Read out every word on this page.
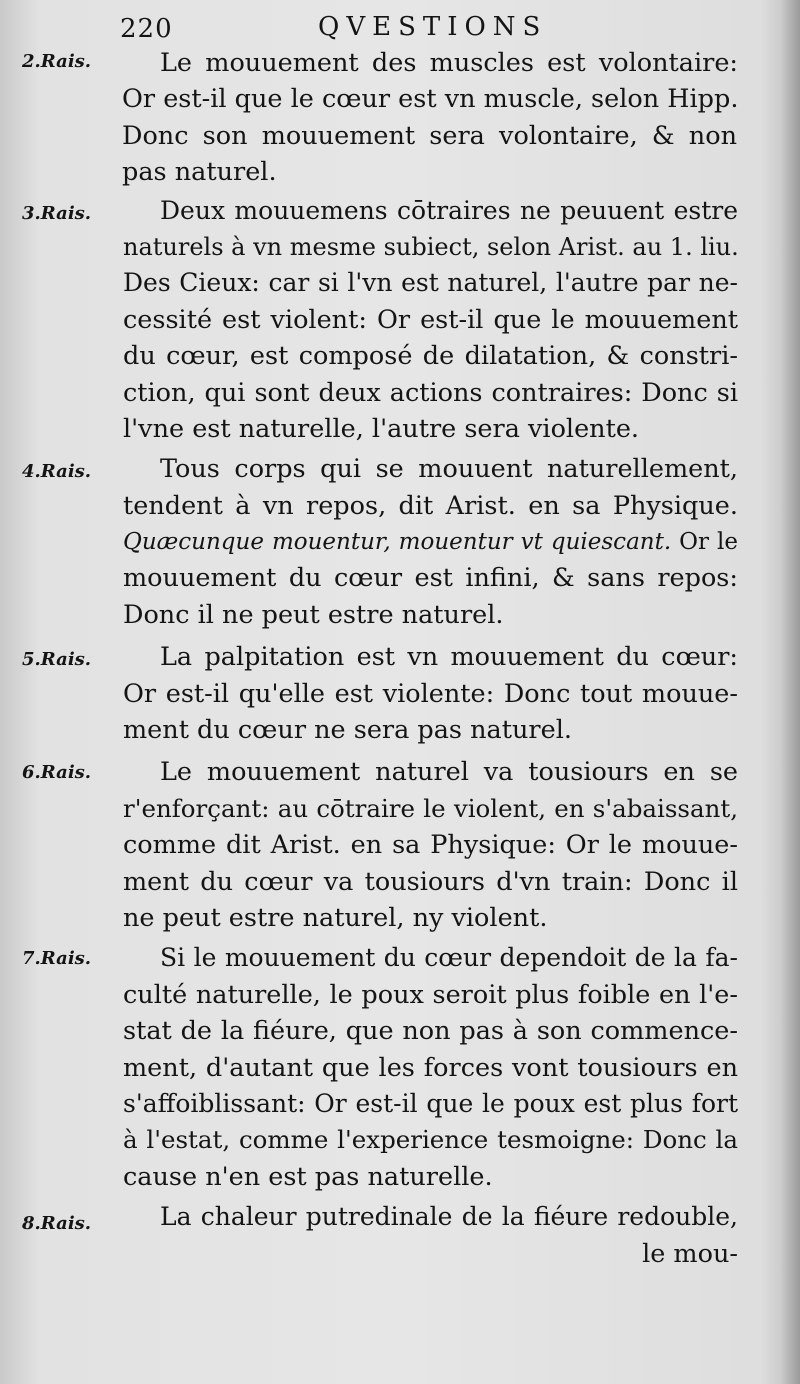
220	QVESTIONS
2.Rais.	Le mouuement des muscles est volontaire:

Or est-il que le cœur est vn muscle, selon Hipp.

Donc son mouuement sera volontaire, & non

pas naturel.

3.Rais.	Deux mouuemens cōtraires ne peuuent estre

naturels à vn mesme subiect, selon Arist. au 1. liu.

Des Cieux: car si l'vn est naturel, l'autre par ne-

cessité est violent: Or est-il que le mouuement

du cœur, est composé de dilatation, & constri-

ction, qui sont deux actions contraires: Donc si

l'vne est naturelle, l'autre sera violente.

4.Rais.	Tous corps qui se mouuent naturellement,

tendent à vn repos, dit Arist. en sa Physique.

Quæcunque mouentur, mouentur vt quiescant. Or le

mouuement du cœur est infini, & sans repos:

Donc il ne peut estre naturel.

5.Rais.	La palpitation est vn mouuement du cœur:

Or est-il qu'elle est violente: Donc tout mouue-

ment du cœur ne sera pas naturel.

6.Rais.	Le mouuement naturel va tousiours en se

r'enforçant: au cōtraire le violent, en s'abaissant,

comme dit Arist. en sa Physique: Or le mouue-

ment du cœur va tousiours d'vn train: Donc il

ne peut estre naturel, ny violent.

7.Rais.	Si le mouuement du cœur dependoit de la fa-

culté naturelle, le poux seroit plus foible en l'e-

stat de la fiéure, que non pas à son commence-

ment, d'autant que les forces vont tousiours en

s'affoiblissant: Or est-il que le poux est plus fort

à l'estat, comme l'experience tesmoigne: Donc la

cause n'en est pas naturelle.

8.Rais.	La chaleur putredinale de la fiéure redouble,

le mou-
